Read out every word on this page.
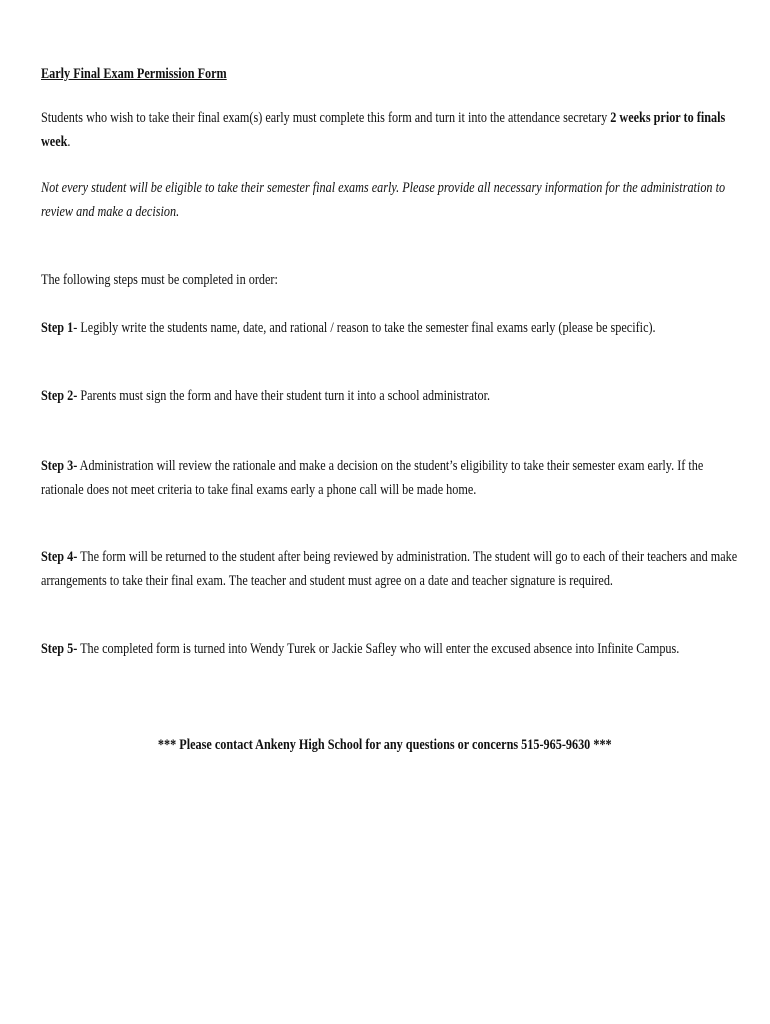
Early Final Exam Permission Form
Students who wish to take their final exam(s) early must complete this form and turn it into the attendance secretary 2 weeks prior to finals week.
Not every student will be eligible to take their semester final exams early. Please provide all necessary information for the administration to review and make a decision.
The following steps must be completed in order:
Step 1- Legibly write the students name, date, and rational / reason to take the semester final exams early (please be specific).
Step 2- Parents must sign the form and have their student turn it into a school administrator.
Step 3- Administration will review the rationale and make a decision on the student’s eligibility to take their semester exam early. If the rationale does not meet criteria to take final exams early a phone call will be made home.
Step 4- The form will be returned to the student after being reviewed by administration. The student will go to each of their teachers and make arrangements to take their final exam. The teacher and student must agree on a date and teacher signature is required.
Step 5- The completed form is turned into Wendy Turek or Jackie Safley who will enter the excused absence into Infinite Campus.
*** Please contact Ankeny High School for any questions or concerns 515-965-9630 ***
